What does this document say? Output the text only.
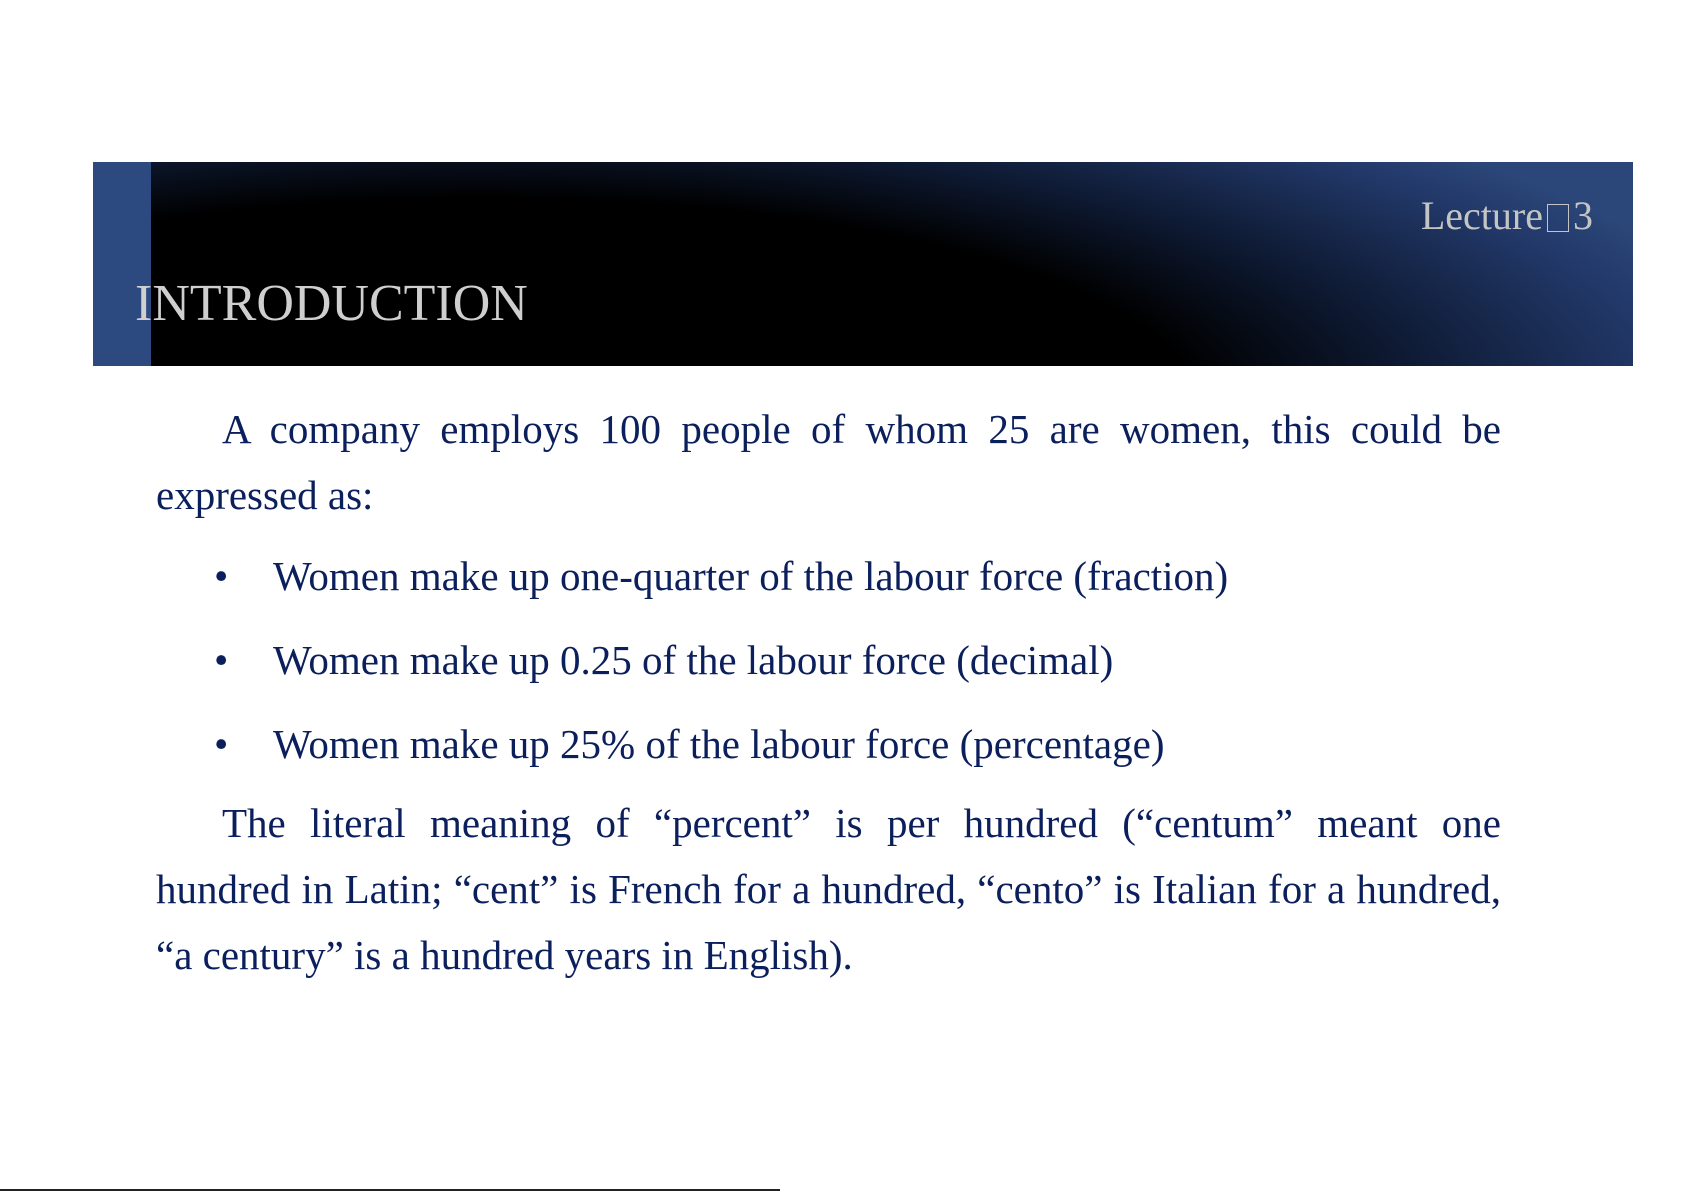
Lecture 3
INTRODUCTION

A company employs 100 people of whom 25 are women, this could be expressed as:

• Women make up one-quarter of the labour force (fraction)
• Women make up 0.25 of the labour force (decimal)
• Women make up 25% of the labour force (percentage)

The literal meaning of “percent” is per hundred (“centum” meant one hundred in Latin; “cent” is French for a hundred, “cento” is Italian for a hundred, “a century” is a hundred years in English).
